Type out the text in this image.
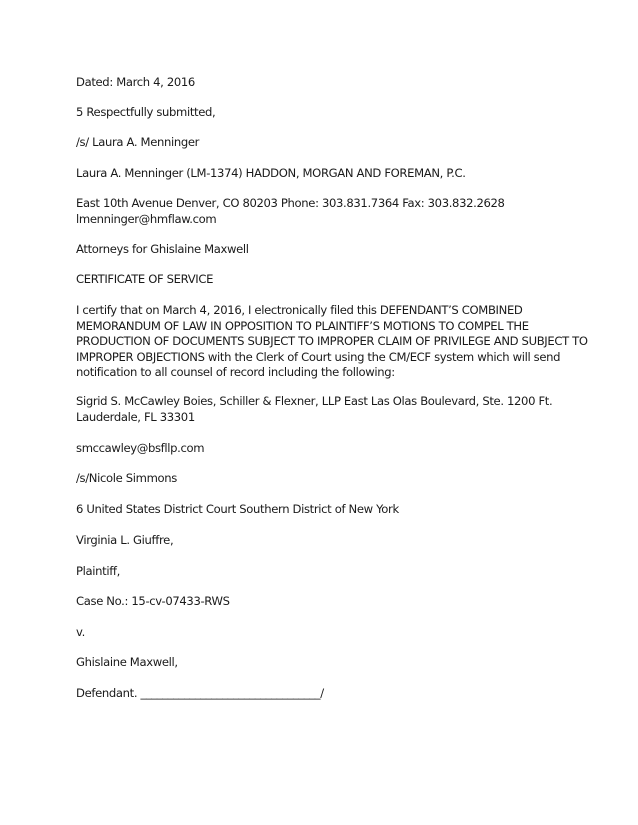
Dated: March 4, 2016

5 Respectfully submitted,

/s/ Laura A. Menninger

Laura A. Menninger (LM-1374) HADDON, MORGAN AND FOREMAN, P.C.

East 10th Avenue Denver, CO 80203 Phone: 303.831.7364 Fax: 303.832.2628
lmenninger@hmflaw.com

Attorneys for Ghislaine Maxwell

CERTIFICATE OF SERVICE

I certify that on March 4, 2016, I electronically filed this DEFENDANT’S COMBINED
MEMORANDUM OF LAW IN OPPOSITION TO PLAINTIFF’S MOTIONS TO COMPEL THE
PRODUCTION OF DOCUMENTS SUBJECT TO IMPROPER CLAIM OF PRIVILEGE AND SUBJECT TO
IMPROPER OBJECTIONS with the Clerk of Court using the CM/ECF system which will send
notification to all counsel of record including the following:
Sigrid S. McCawley Boies, Schiller & Flexner, LLP East Las Olas Boulevard, Ste. 1200 Ft.
Lauderdale, FL 33301

smccawley@bsfllp.com

/s/Nicole Simmons

6 United States District Court Southern District of New York

Virginia L. Giuffre,

Plaintiff,

Case No.: 15-cv-07433-RWS

v.

Ghislaine Maxwell,

Defendant. _________________________________/
